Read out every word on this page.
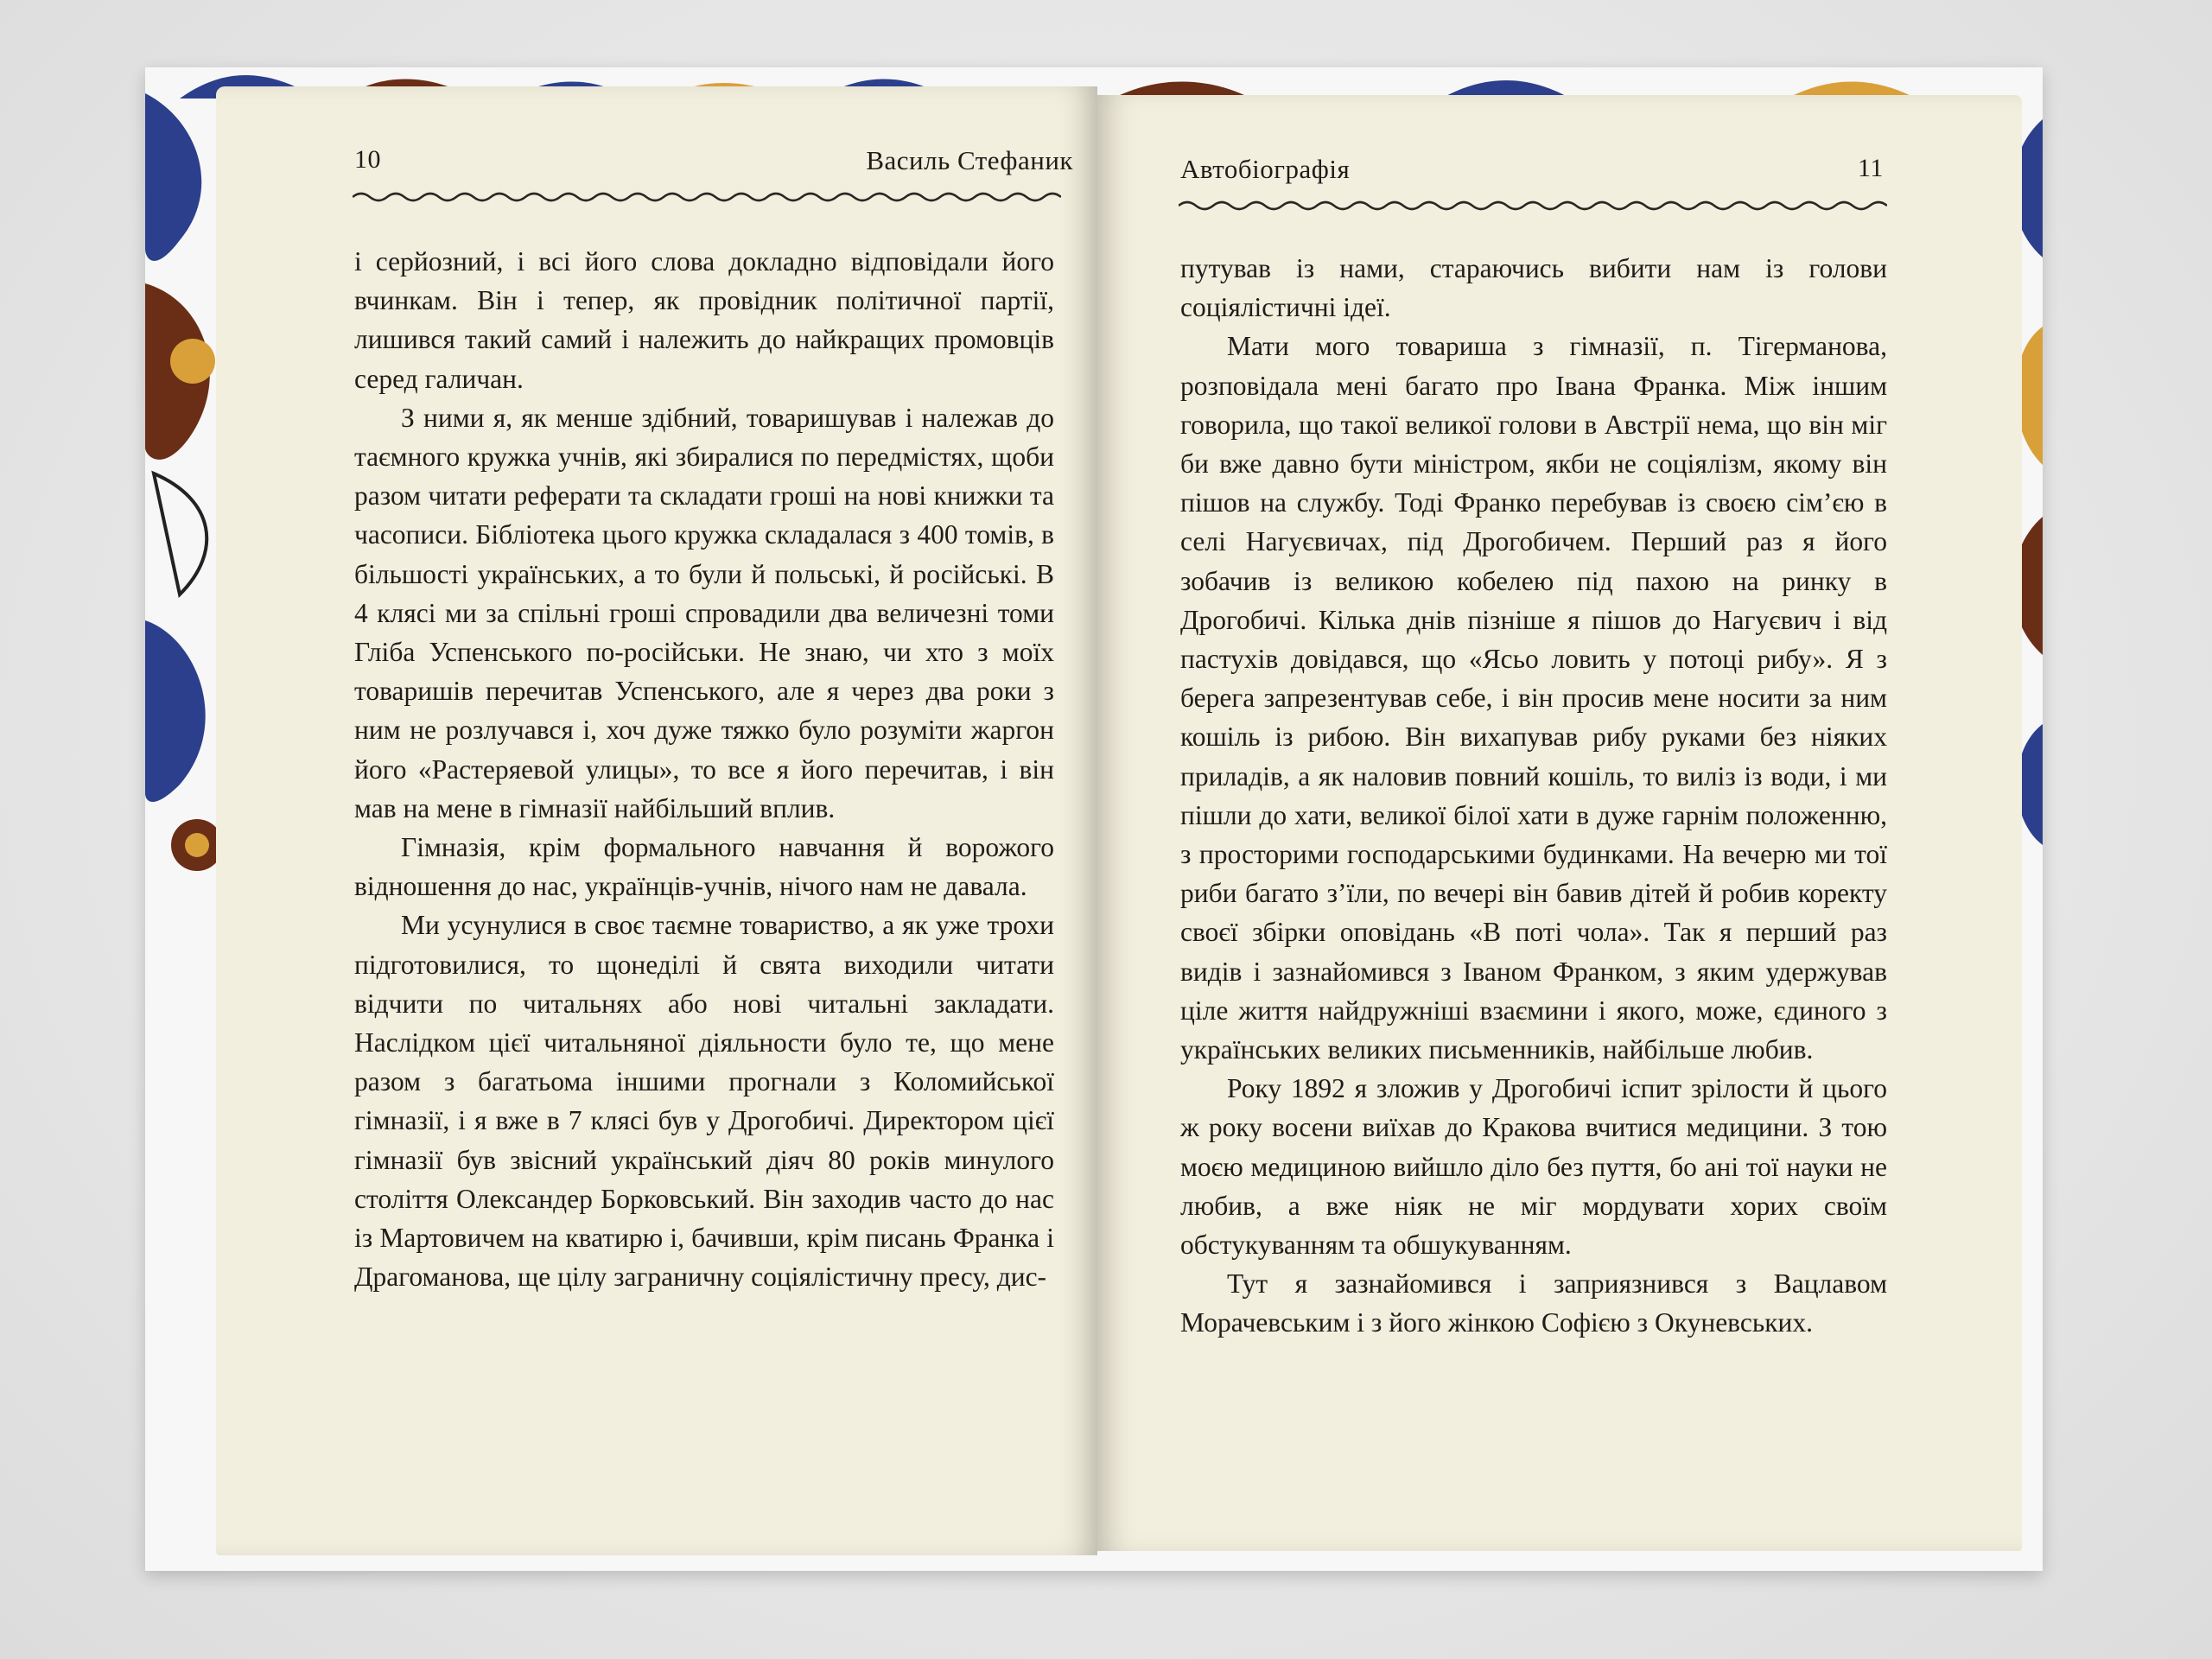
10	Василь Стефаник

і серйозний, і всі його слова докладно відповідали його вчинкам. Він і тепер, як провідник політичної партії, лишився такий самий і належить до найкращих промовців серед галичан.

З ними я, як менше здібний, товаришував і належав до таємного кружка учнів, які збиралися по передмістях, щоби разом читати реферати та складати гроші на нові книжки та часописи. Бібліотека цього кружка складалася з 400 томів, в більшості українських, а то були й польські, й російські. В 4 клясі ми за спільні гроші спровадили два величезні томи Гліба Успенського по-російськи. Не знаю, чи хто з моїх товаришів перечитав Успенського, але я через два роки з ним не розлучався і, хоч дуже тяжко було розуміти жаргон його «Растеряевой улицы», то все я його перечитав, і він мав на мене в гімназії найбільший вплив.

Гімназія, крім формального навчання й ворожого відношення до нас, українців-учнів, нічого нам не давала.

Ми усунулися в своє таємне товариство, а як уже трохи підготовилися, то щонеділі й свята виходили читати відчити по читальнях або нові читальні закладати. Наслідком цієї читальняної діяльности було те, що мене разом з багатьома іншими прогнали з Коломийської гімназії, і я вже в 7 клясі був у Дрогобичі. Директором цієї гімназії був звісний український діяч 80 років минулого століття Олександер Борковський. Він заходив часто до нас із Мартовичем на кватирю і, бачивши, крім писань Франка і Драгоманова, ще цілу заграничну соціялістичну пресу, дис-

Автобіографія	11

путував із нами, стараючись вибити нам із голови соціялістичні ідеї.

Мати мого товариша з гімназії, п. Тігерманова, розповідала мені багато про Івана Франка. Між іншим говорила, що такої великої голови в Австрії нема, що він міг би вже давно бути міністром, якби не соціялізм, якому він пішов на службу. Тоді Франко перебував із своєю сім’єю в селі Нагуєвичах, під Дрогобичем. Перший раз я його зобачив із великою кобелею під пахою на ринку в Дрогобичі. Кілька днів пізніше я пішов до Нагуєвич і від пастухів довідався, що «Ясьо ловить у потоці рибу». Я з берега запрезентував себе, і він просив мене носити за ним кошіль із рибою. Він вихапував рибу руками без ніяких приладів, а як наловив повний кошіль, то виліз із води, і ми пішли до хати, великої білої хати в дуже гарнім положенню, з просторими господарськими будинками. На вечерю ми тої риби багато з’їли, по вечері він бавив дітей й робив коректу своєї збірки оповідань «В поті чола». Так я перший раз видів і зазнайомився з Іваном Франком, з яким удержував ціле життя найдружніші взаємини і якого, може, єдиного з українських великих письменників, найбільше любив.

Року 1892 я зложив у Дрогобичі іспит зрілости й цього ж року восени виїхав до Кракова вчитися медицини. З тою моєю медициною вийшло діло без пуття, бо ані тої науки не любив, а вже ніяк не міг мордувати хорих своїм обстукуванням та обшукуванням.

Тут я зазнайомився і заприязнився з Вацлавом Морачевським і з його жінкою Софією з Окуневських.
